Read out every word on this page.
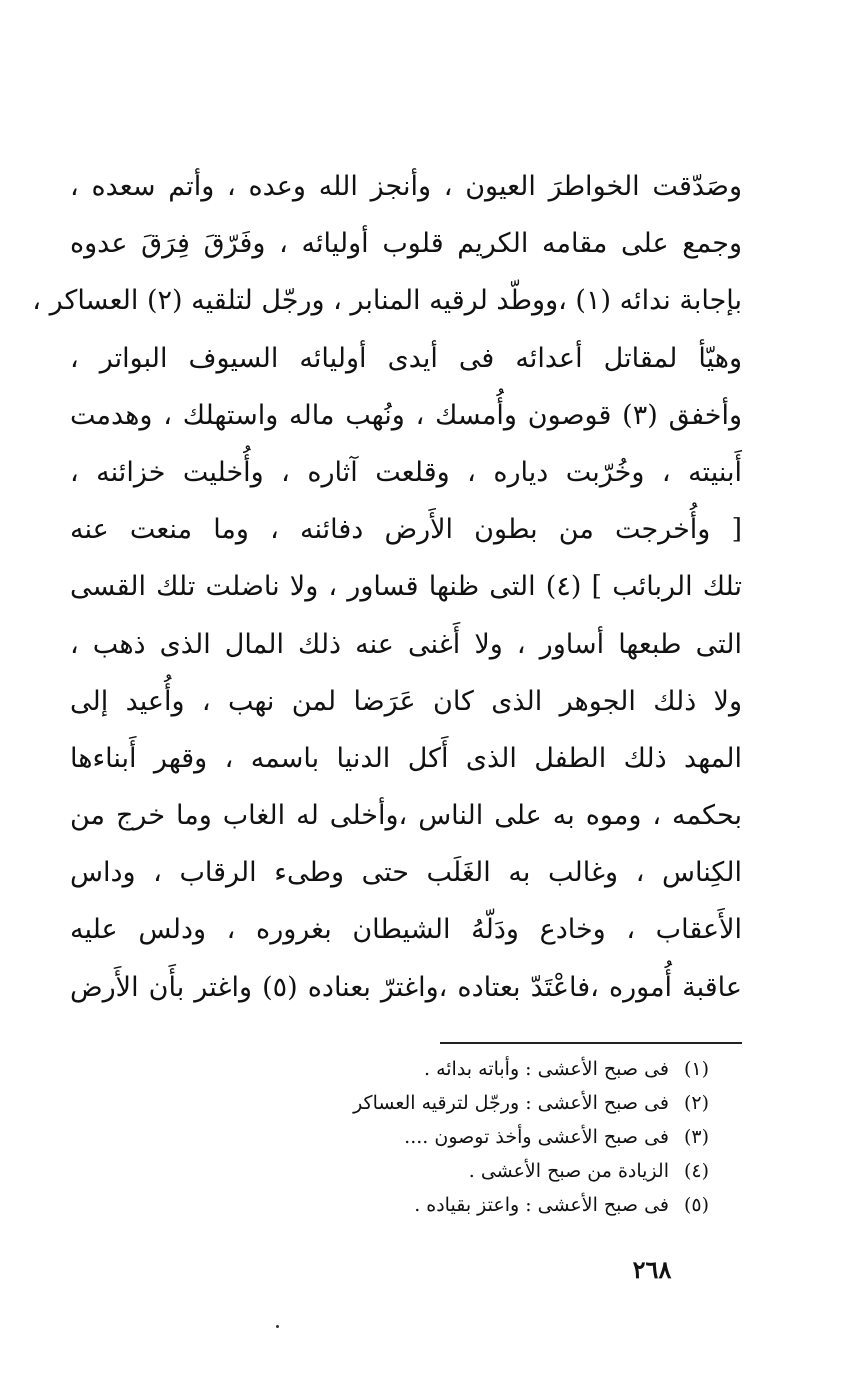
وصَدّقت الخواطرَ العيون ، وأنجز الله وعده ، وأتم سعده ،
وجمع على مقامه الكريم قلوب أوليائه ، وفَرّقَ فِرَقَ عدوه
بإجابة ندائه (١) ،ووطّد لرقيه المنابر ، ورجّل لتلقيه (٢) العساكر ،
وهيّأ لمقاتل أعدائه فى أيدى أوليائه السيوف البواتر ،
وأخفق (٣) قوصون وأُمسك ، ونُهب ماله واستهلك ، وهدمت
أَبنيته ، وخُرّبت دياره ، وقلعت آثاره ، وأُخليت خزائنه ،
[ وأُخرجت من بطون الأَرض دفائنه ، وما منعت عنه
تلك الربائب ] (٤) التى ظنها قساور ، ولا ناضلت تلك القسى
التى طبعها أساور ، ولا أَغنى عنه ذلك المال الذى ذهب ،
ولا ذلك الجوهر الذى كان عَرَضا لمن نهب ، وأُعيد إلى
المهد ذلك الطفل الذى أَكل الدنيا باسمه ، وقهر أَبناءها
بحكمه ، وموه به على الناس ،وأخلى له الغاب وما خرج من
الكِناس ، وغالب به الغَلَب حتى وطىء الرقاب ، وداس
الأَعقاب ، وخادع ودَلّهُ الشيطان بغروره ، ودلس عليه
عاقبة أُموره ،فاعْتَدّ بعتاده ،واغترّ بعناده (٥) واغتر بأَن الأَرض
(١)فى صبح الأعشى : وأباته بدائه .
(٢)فى صبح الأعشى : ورجّل لترقيه العساكر
(٣)فى صبح الأعشى وأخذ توصون ....
(٤)الزيادة من صبح الأعشى .
(٥)فى صبح الأعشى : واعتز بقياده .
٢٦٨
